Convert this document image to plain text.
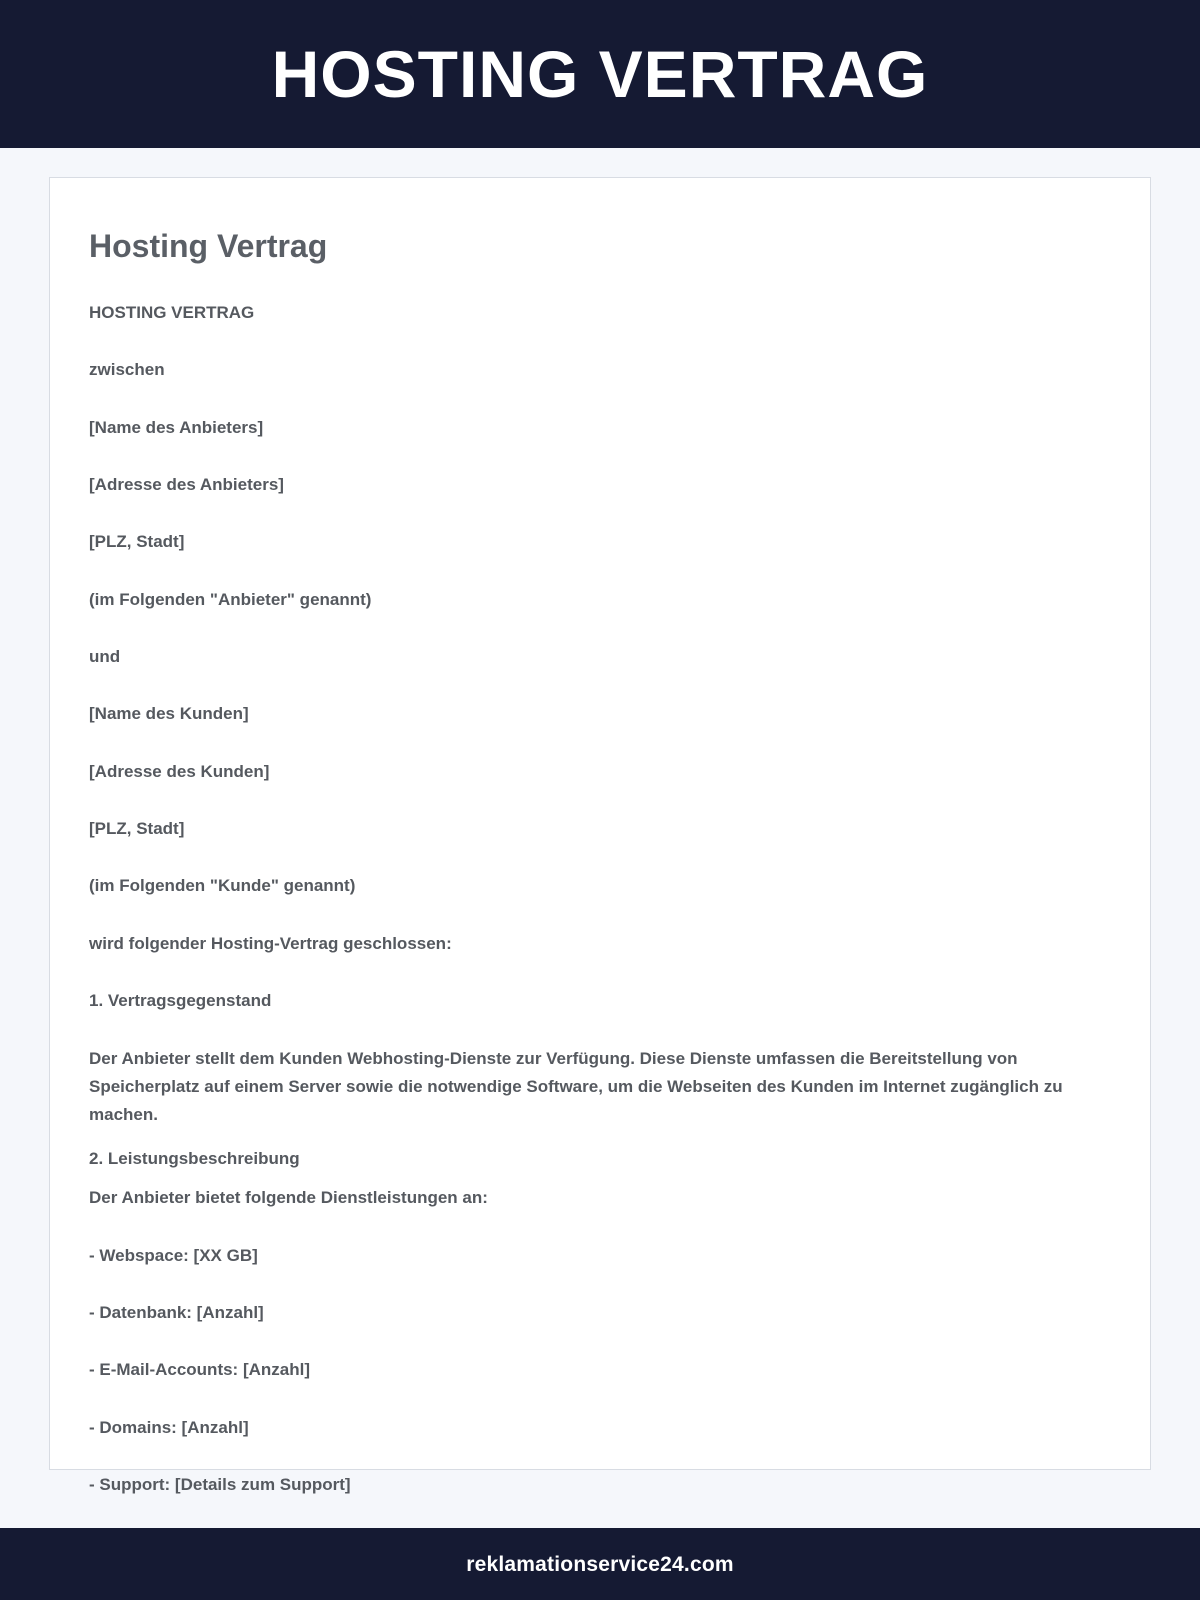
HOSTING VERTRAG
Hosting Vertrag

HOSTING VERTRAG

zwischen

[Name des Anbieters]

[Adresse des Anbieters]

[PLZ, Stadt]

(im Folgenden "Anbieter" genannt)

und

[Name des Kunden]

[Adresse des Kunden]

[PLZ, Stadt]

(im Folgenden "Kunde" genannt)

wird folgender Hosting-Vertrag geschlossen:

1. Vertragsgegenstand

Der Anbieter stellt dem Kunden Webhosting-Dienste zur Verfügung. Diese Dienste umfassen die Bereitstellung von Speicherplatz auf einem Server sowie die notwendige Software, um die Webseiten des Kunden im Internet zugänglich zu machen.

2. Leistungsbeschreibung

Der Anbieter bietet folgende Dienstleistungen an:

- Webspace: [XX GB]

- Datenbank: [Anzahl]

- E-Mail-Accounts: [Anzahl]

- Domains: [Anzahl]

- Support: [Details zum Support]

reklamationservice24.com
